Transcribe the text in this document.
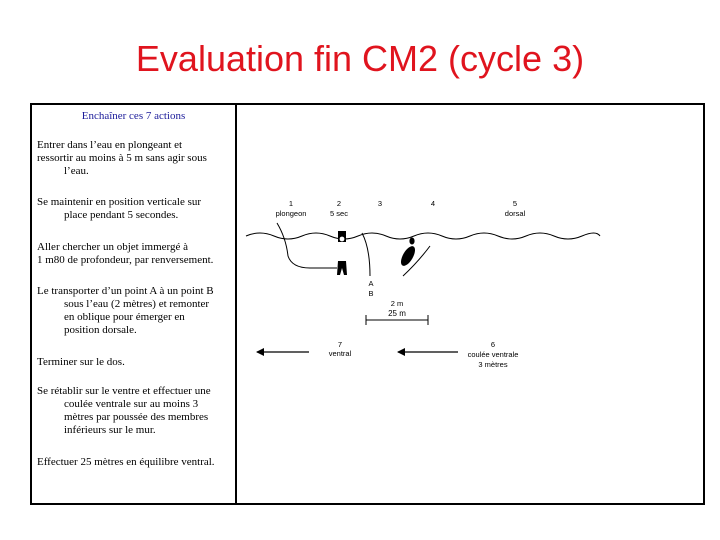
Evaluation fin CM2 (cycle 3)
Enchaîner ces 7 actions
Entrer dans l’eau en plongeant et
ressortir au moins à 5 m sans agir sous
l’eau.
Se maintenir en position verticale sur
place pendant 5 secondes.
Aller chercher un objet immergé à
1 m80 de profondeur, par renversement.
Le transporter d’un point A à un point B
sous l’eau (2 mètres) et remonter
en oblique pour émerger en
position dorsale.
Terminer sur le dos.
Se rétablir sur le ventre et effectuer une
coulée ventrale sur au moins 3
mètres par poussée des membres
inférieurs sur le mur.
Effectuer 25 mètres en équilibre ventral.
1
plongeon
2
5 sec
3	4	5
dorsal
A
B
2 m
25 m
7
ventral
6
coulée ventrale
3 mètres
